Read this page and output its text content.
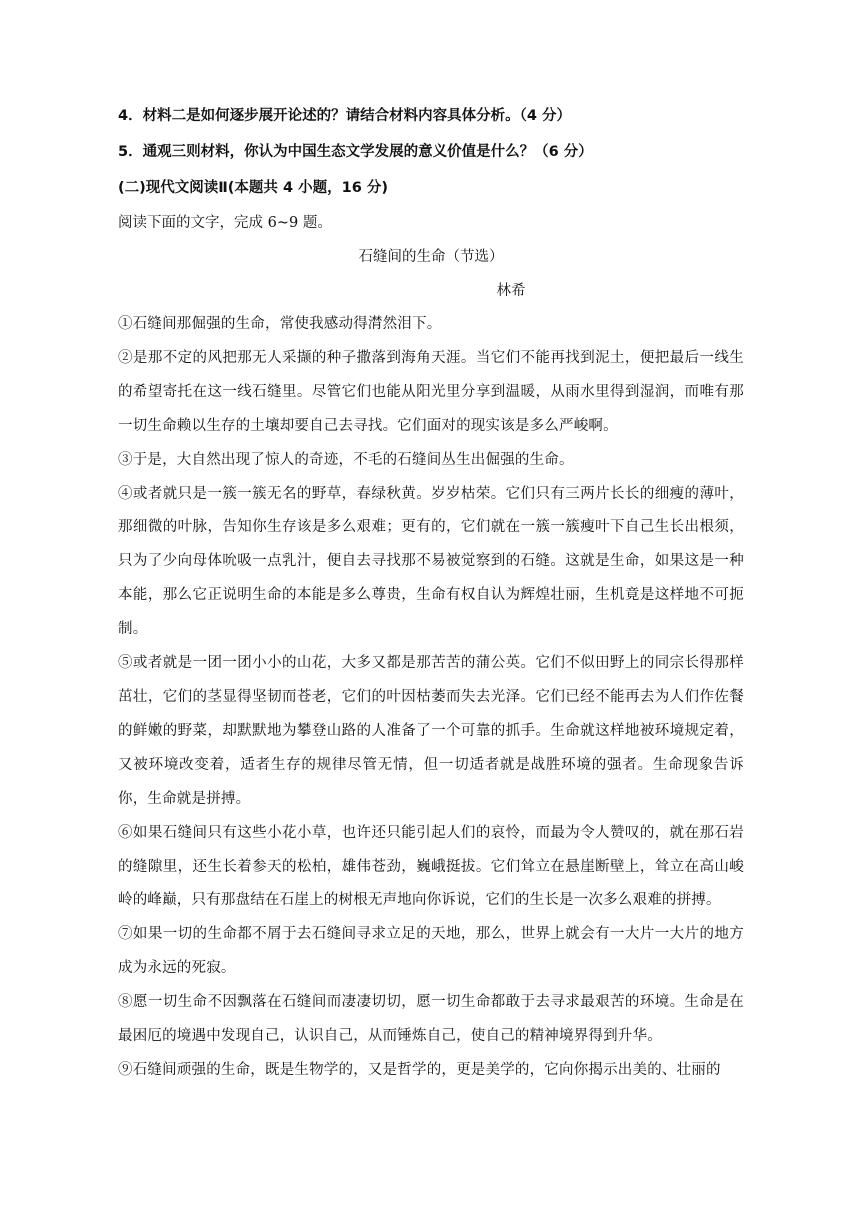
4．材料二是如何逐步展开论述的？请结合材料内容具体分析。（4 分）
5．通观三则材料，你认为中国生态文学发展的意义价值是什么？（6 分）
(二)现代文阅读Ⅱ(本题共 4 小题，16 分)
阅读下面的文字，完成 6~9 题。
石缝间的生命（节选）
林希
①石缝间那倔强的生命，常使我感动得潸然泪下。
②是那不定的风把那无人采撷的种子撒落到海角天涯。当它们不能再找到泥土，便把最后一线生的希望寄托在这一线石缝里。尽管它们也能从阳光里分享到温暖，从雨水里得到湿润，而唯有那一切生命赖以生存的土壤却要自己去寻找。它们面对的现实该是多么严峻啊。
③于是，大自然出现了惊人的奇迹，不毛的石缝间丛生出倔强的生命。
④或者就只是一簇一簇无名的野草，春绿秋黄。岁岁枯荣。它们只有三两片长长的细瘦的薄叶，那细微的叶脉，告知你生存该是多么艰难；更有的，它们就在一簇一簇瘦叶下自己生长出根须，只为了少向母体吮吸一点乳汁，便自去寻找那不易被觉察到的石缝。这就是生命，如果这是一种本能，那么它正说明生命的本能是多么尊贵，生命有权自认为辉煌壮丽，生机竟是这样地不可扼制。
⑤或者就是一团一团小小的山花，大多又都是那苦苦的蒲公英。它们不似田野上的同宗长得那样茁壮，它们的茎显得坚韧而苍老，它们的叶因枯萎而失去光泽。它们已经不能再去为人们作佐餐的鲜嫩的野菜，却默默地为攀登山路的人准备了一个可靠的抓手。生命就这样地被环境规定着，又被环境改变着，适者生存的规律尽管无情，但一切适者就是战胜环境的强者。生命现象告诉你，生命就是拼搏。
⑥如果石缝间只有这些小花小草，也许还只能引起人们的哀怜，而最为令人赞叹的，就在那石岩的缝隙里，还生长着参天的松柏，雄伟苍劲，巍峨挺拔。它们耸立在悬崖断壁上，耸立在高山峻岭的峰巅，只有那盘结在石崖上的树根无声地向你诉说，它们的生长是一次多么艰难的拼搏。
⑦如果一切的生命都不屑于去石缝间寻求立足的天地，那么，世界上就会有一大片一大片的地方成为永远的死寂。
⑧愿一切生命不因飘落在石缝间而凄凄切切，愿一切生命都敢于去寻求最艰苦的环境。生命是在最困厄的境遇中发现自己，认识自己，从而锤炼自己，使自己的精神境界得到升华。
⑨石缝间顽强的生命，既是生物学的，又是哲学的，更是美学的，它向你揭示出美的、壮丽的
